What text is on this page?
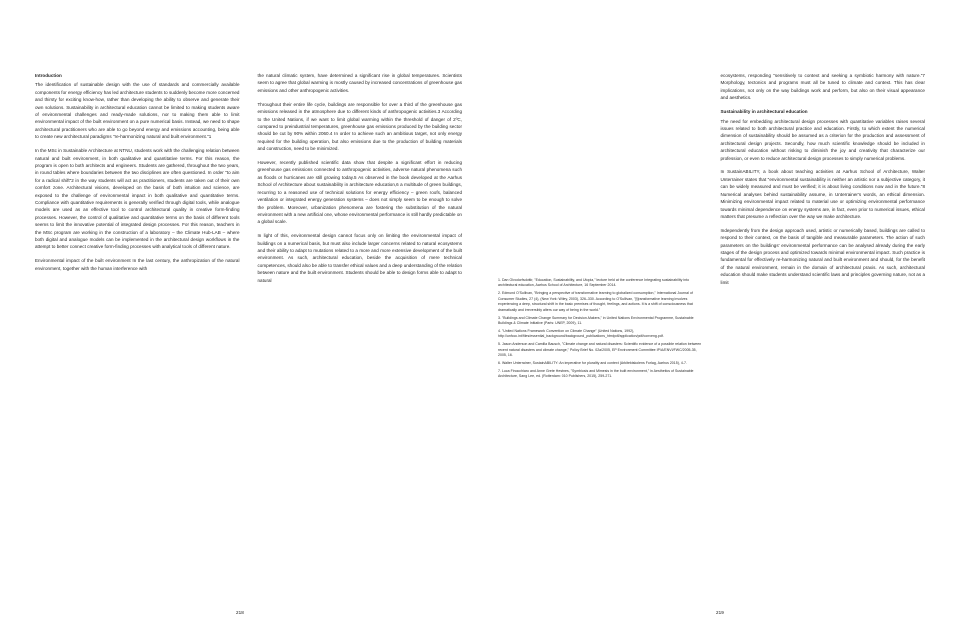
Introduction

The identification of sustainable design with the use of standards and commercially available components for energy efficiency has led architecture students to suddenly become more concerned and thirsty for exciting know-how, rather than developing the ability to observe and generate their own solutions. Sustainability in architectural education cannot be limited to making students aware of environmental challenges and ready-made solutions, nor to making them able to limit environmental impact of the built environment on a pure numerical basis. Instead, we need to shape architectural practitioners who are able to go beyond energy and emissions accounting, being able to create new architectural paradigms "re-harmonizing natural and built environment."1

In the MSc in Sustainable Architecture at NTNU, students work with the challenging relation between natural and built environment, in both qualitative and quantitative terms. For this reason, the program is open to both architects and engineers. Students are gathered, throughout the two years, in round tables where boundaries between the two disciplines are often questioned. In order "to aim for a radical shift"2 in the way students will act as practitioners, students are taken out of their own comfort zone. Architectural visions, developed on the basis of both intuition and science, are exposed to the challenge of environmental impact in both qualitative and quantitative terms. Compliance with quantitative requirements is generally verified through digital tools, while analogue models are used as an effective tool to control architectural quality in creative form-finding processes. However, the control of qualitative and quantitative terms on the basis of different tools seems to limit the innovative potential of integrated design processes. For this reason, teachers in the MSc program are working in the construction of a laboratory – the Climate Hub-LAB – where both digital and analogue models can be implemented in the architectural design workflows in the attempt to better connect creative form-finding processes with analytical tools of different nature.

Environmental impact of the built environment In the last century, the anthropization of the natural environment, together with the human interference with

the natural climatic system, have determined a significant rise in global temperatures. Scientists seem to agree that global warming is mostly caused by increased concentrations of greenhouse gas emissions and other anthropogenic activities.

Throughout their entire life cycle, buildings are responsible for over a third of the greenhouse gas emissions released in the atmosphere due to different kinds of anthropogenic activities.3 According to the United Nations, if we want to limit global warming within the threshold of danger of 2ºC, compared to preindustrial temperatures, greenhouse gas emissions produced by the building sector should be cut by 90% within 2060.4 In order to achieve such an ambitious target, not only energy required for the building operation, but also emissions due to the production of building materials and construction, need to be minimized.

However, recently published scientific data show that despite a significant effort in reducing greenhouse gas emissions connected to anthropogenic activities, adverse natural phenomena such as floods or hurricanes are still growing today.5 As observed in the book developed at the Aarhus School of Architecture about sustainability in architecture education,6 a multitude of green buildings, recurring to a reasoned use of technical solutions for energy efficiency – green roofs, balanced ventilation or integrated energy generation systems – does not simply seem to be enough to solve the problem. Moreover, urbanization phenomena are fostering the substitution of the natural environment with a new artificial one, whose environmental performance is still hardly predictable on a global scale.

In light of this, environmental design cannot focus only on limiting the environmental impact of buildings on a numerical basis, but must also include larger concerns related to natural ecosystems and their ability to adapt to mutations related to a more and more extensive development of the built environment. As such, architectural education, beside the acquisition of mere technical competences, should also be able to transfer ethical values and a deep understanding of the relation between nature and the built environment. Students should be able to design forms able to adapt to natural

218

1. Dan Olvodorfsdottir, "Education, Sustainability, and Utopia," lecture held at the conference Integrating sustainability into architectural education, Aarhus School of Architecture, 16 September 2014.

2. Edmund O'Sullivan, "Bringing a perspective of transformative learning to globalized consumption," International Journal of Consumer Studies, 27 (4), (New York: Wiley, 2003), 326–330. According to O'Sullivan, "[t]ransformative learning involves experiencing a deep, structural shift in the basic premises of thought, feelings, and actions. It is a shift of consciousness that dramatically and irreversibly alters our way of being in the world."

3. "Buildings and Climate Change Summary for Decision-Makers," in United Nations Environmental Programme, Sustainable Buildings & Climate Initiative (Paris: UNEP, 2009), 11.

4. "United Nations Framework Convention on Climate Change" (United Nations, 1992), http://unfccc.int/files/essential_background/background_publications_htmlpdf/application/pdf/conveng.pdf.

5. Jason Anderson and Camilla Bausch, "Climate change and natural disasters: Scientific evidence of a possible relation between recent natural disasters and climate change," Policy Brief No. 02a/2005, EP Environment Committee IP/A/ENVI/FWC/2005-35, 2005, 16.

6. Walter Unterrainer, SustainABILITY: An imperative for plurality and context (Arkitektskolens Forlag, Aarhus 2015), 4-7.

7. Luca Finocchiaro and Anne Grete Hestnes, "Symbiosis and Mimesis in the built environment," in Aesthetics of Sustainable Architecture, Sang Lee, ed. (Rotterdam: 010 Publishers, 2015), 259-271.

ecosystems, responding "sensitively to context and seeking a symbiotic harmony with nature."7 Morphology, tectonics and programs must all be tuned to climate and context. This has clear implications, not only on the way buildings work and perform, but also on their visual appearance and aesthetics.

Sustainability in architectural education

The need for embedding architectural design processes with quantitative variables raises several issues related to both architectural practice and education. Firstly, to which extent the numerical dimension of sustainability should be assumed as a criterion for the production and assessment of architectural design projects. Secondly, how much scientific knowledge should be included in architectural education without risking to diminish the joy and creativity that characterize our profession, or even to reduce architectural design processes to simply numerical problems.

In SustainABILITY, a book about teaching activities at Aarhus School of Architecture, Walter Unterrainer states that "environmental sustainability is neither an artistic nor a subjective category, it can be widely measured and must be verified; it is about living conditions now and in the future."8 Numerical analyses behind sustainability assume, in Unterrainer's words, an ethical dimension. Minimizing environmental impact related to material use or optimizing environmental performance towards minimal dependence on energy systems are, in fact, even prior to numerical issues, ethical matters that presume a reflection over the way we make architecture.

Independently from the design approach used, artistic or numerically based, buildings are called to respond to their context, on the basis of tangible and measurable parameters. The action of such parameters on the buildings' environmental performance can be analysed already during the early stages of the design process and optimized towards minimal environmental impact. Such practice is fundamental for effectively re-harmonizing natural and built environment and should, for the benefit of the natural environment, remain in the domain of architectural praxis. As such, architectural education should make students understand scientific laws and principles governing nature, not as a limit

219
